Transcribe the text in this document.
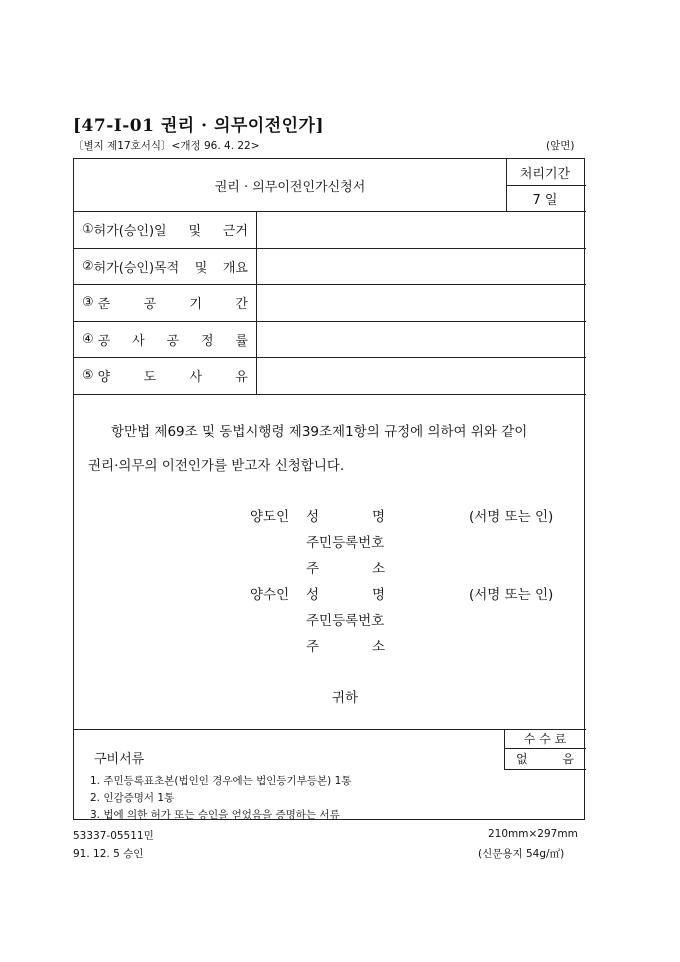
[47-I-01 권리 · 의무이전인가]
〔별지 제17호서식〕<개정 96. 4. 22>	(앞면)
권리 · 의무이전인가신청서
처리기간
7 일
① 허가(승인)일 및 근거
② 허가(승인)목적 및 개요
③ 준	공	기	간
④ 공 사 공 정 률
⑤ 양	도	사	유
항만법 제69조 및 동법시행령 제39조제1항의 규정에 의하여 위와 같이
권리·의무의 이전인가를 받고자 신청합니다.
양도인 성	명	(서명 또는 인)
주민등록번호
주	소
양수인 성	명	(서명 또는 인)
주민등록번호
주	소
귀하
수 수 료
없	음
구비서류
1. 주민등록표초본(법인인 경우에는 법인등기부등본) 1통
2. 인감증명서 1통
3. 법에 의한 허가 또는 승인을 얻었음을 증명하는 서류
53337-05511민
91. 12. 5 승인
210mm×297mm
(신문용지 54g/㎡)
